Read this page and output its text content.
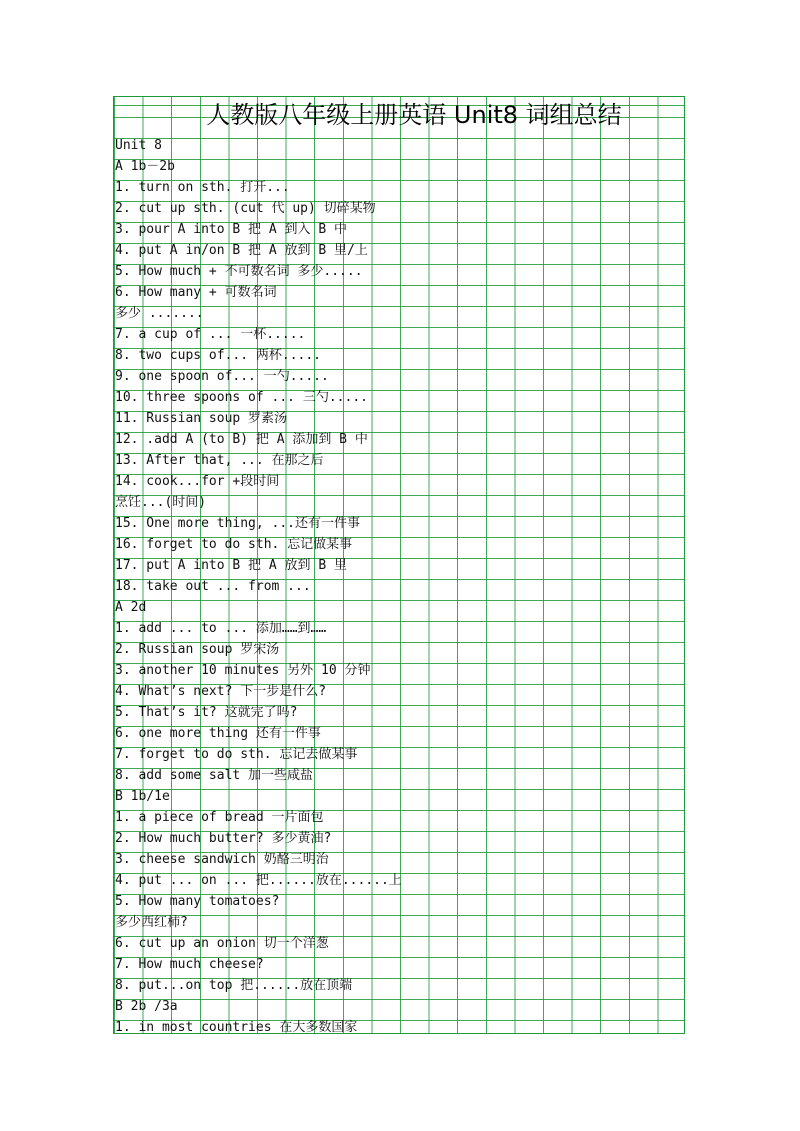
人教版八年级上册英语 Unit8 词组总结
Unit 8
A 1b－2b
1. turn on sth. 打开...
2. cut up sth. (cut 代 up) 切碎某物
3. pour A into B 把 A 到入 B 中
4. put A in/on B 把 A 放到 B 里/上
5. How much + 不可数名词 多少.....
6. How many + 可数名词
多少 .......
7. a cup of ... 一杯.....
8. two cups of... 两杯.....
9. one spoon of... 一勺.....
10. three spoons of ... 三勺.....
11. Russian soup 罗素汤
12. .add A (to B) 把 A 添加到 B 中
13. After that, ... 在那之后
14. cook...for +段时间
烹饪...(时间)
15. One more thing, ...还有一件事
16. forget to do sth. 忘记做某事
17. put A into B 把 A 放到 B 里
18. take out ... from ...
A 2d
1. add ... to ... 添加……到……
2. Russian soup 罗宋汤
3. another 10 minutes 另外 10 分钟
4. What’s next? 下一步是什么?
5. That’s it? 这就完了吗?
6. one more thing 还有一件事
7. forget to do sth. 忘记去做某事
8. add some salt 加一些咸盐
B 1b/1e
1. a piece of bread 一片面包
2. How much butter? 多少黄油?
3. cheese sandwich 奶酪三明治
4. put ... on ... 把......放在......上
5. How many tomatoes?
多少西红柿?
6. cut up an onion 切一个洋葱
7. How much cheese?
8. put...on top 把......放在顶端
B 2b /3a
1. in most countries 在大多数国家
